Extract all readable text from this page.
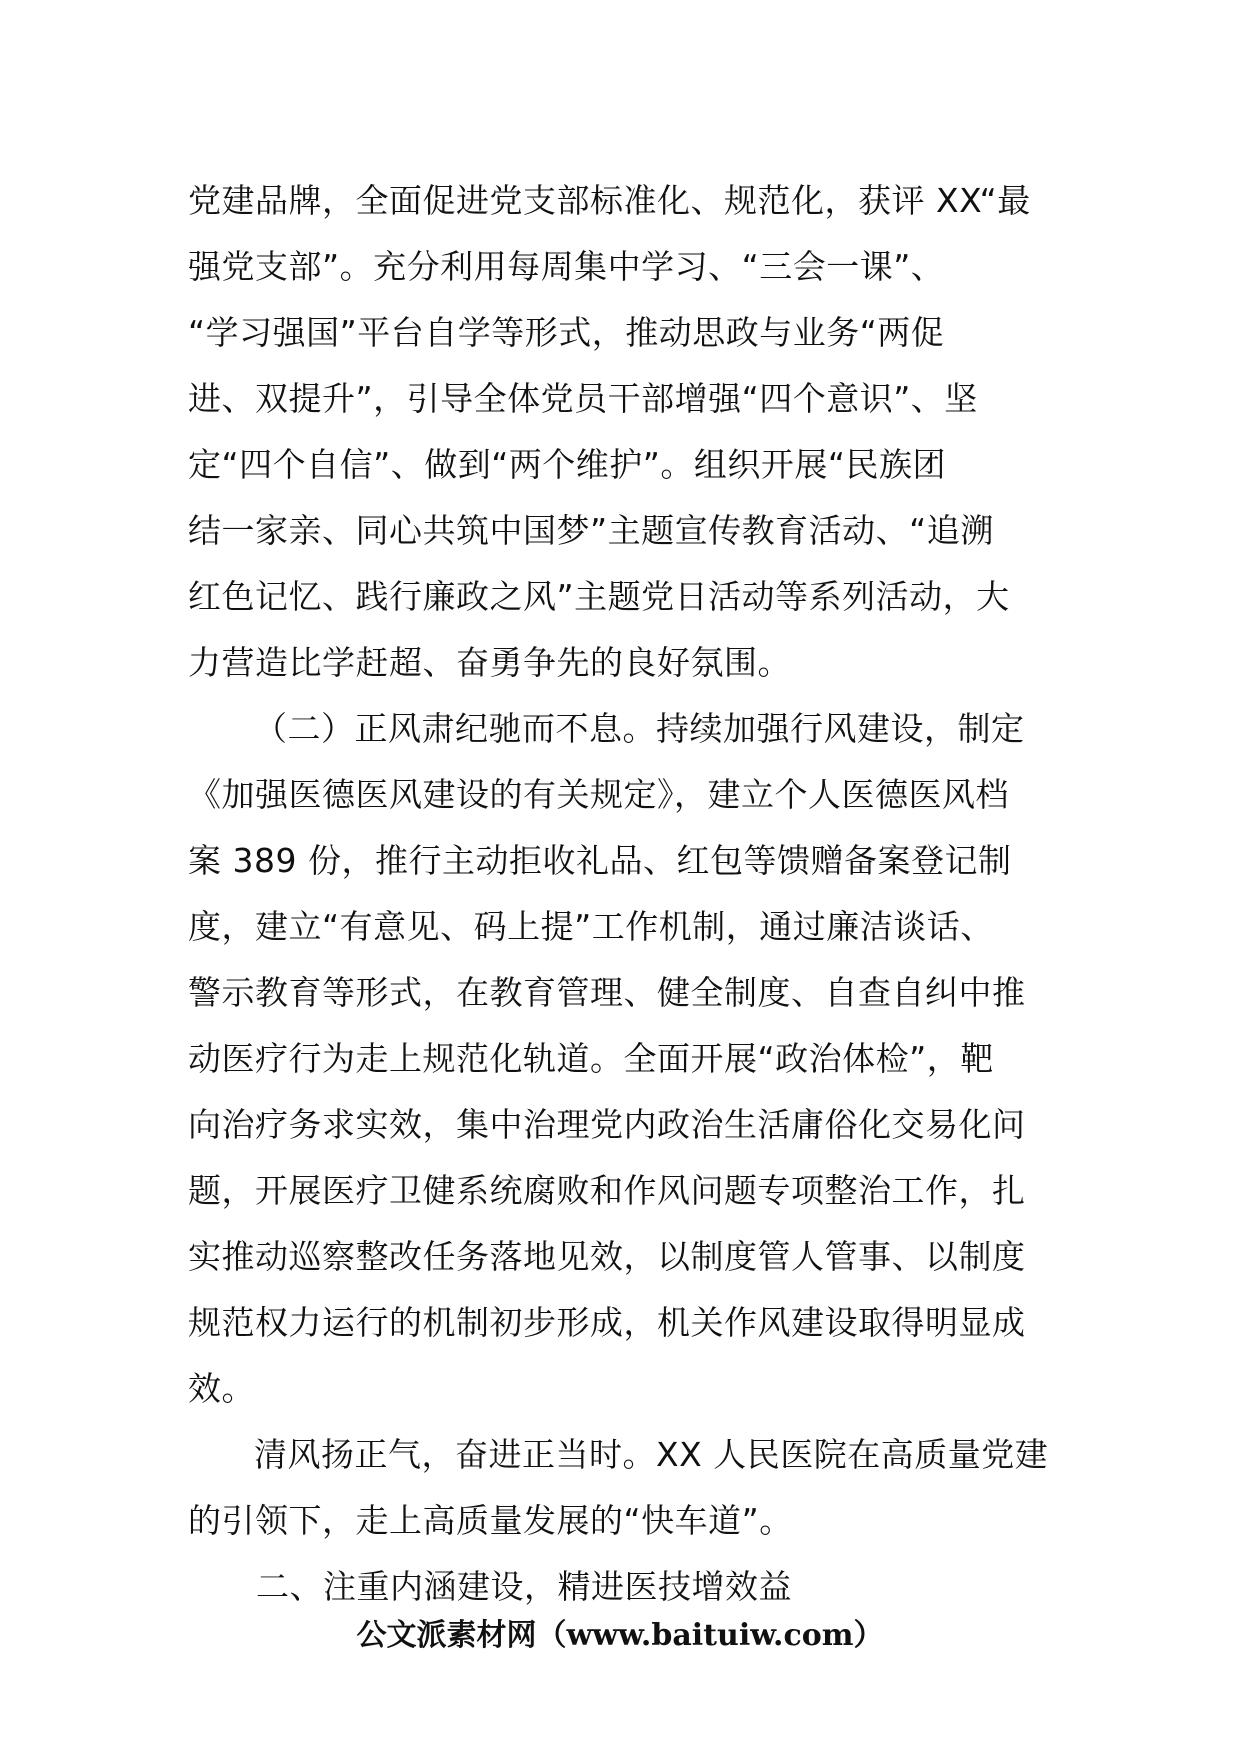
党建品牌，全面促进党支部标准化、规范化，获评 XX“最
强党支部”。充分利用每周集中学习、“三会一课”、
“学习强国”平台自学等形式，推动思政与业务“两促
进、双提升”，引导全体党员干部增强“四个意识”、坚
定“四个自信”、做到“两个维护”。组织开展“民族团
结一家亲、同心共筑中国梦”主题宣传教育活动、“追溯
红色记忆、践行廉政之风”主题党日活动等系列活动，大
力营造比学赶超、奋勇争先的良好氛围。
（二）正风肃纪驰而不息。持续加强行风建设，制定
《加强医德医风建设的有关规定》，建立个人医德医风档
案 389 份，推行主动拒收礼品、红包等馈赠备案登记制
度，建立“有意见、码上提”工作机制，通过廉洁谈话、
警示教育等形式，在教育管理、健全制度、自查自纠中推
动医疗行为走上规范化轨道。全面开展“政治体检”，靶
向治疗务求实效，集中治理党内政治生活庸俗化交易化问
题，开展医疗卫健系统腐败和作风问题专项整治工作，扎
实推动巡察整改任务落地见效，以制度管人管事、以制度
规范权力运行的机制初步形成，机关作风建设取得明显成
效。
清风扬正气，奋进正当时。XX 人民医院在高质量党建
的引领下，走上高质量发展的“快车道”。
二、注重内涵建设，精进医技增效益
公文派素材网（www.baituiw.com）
